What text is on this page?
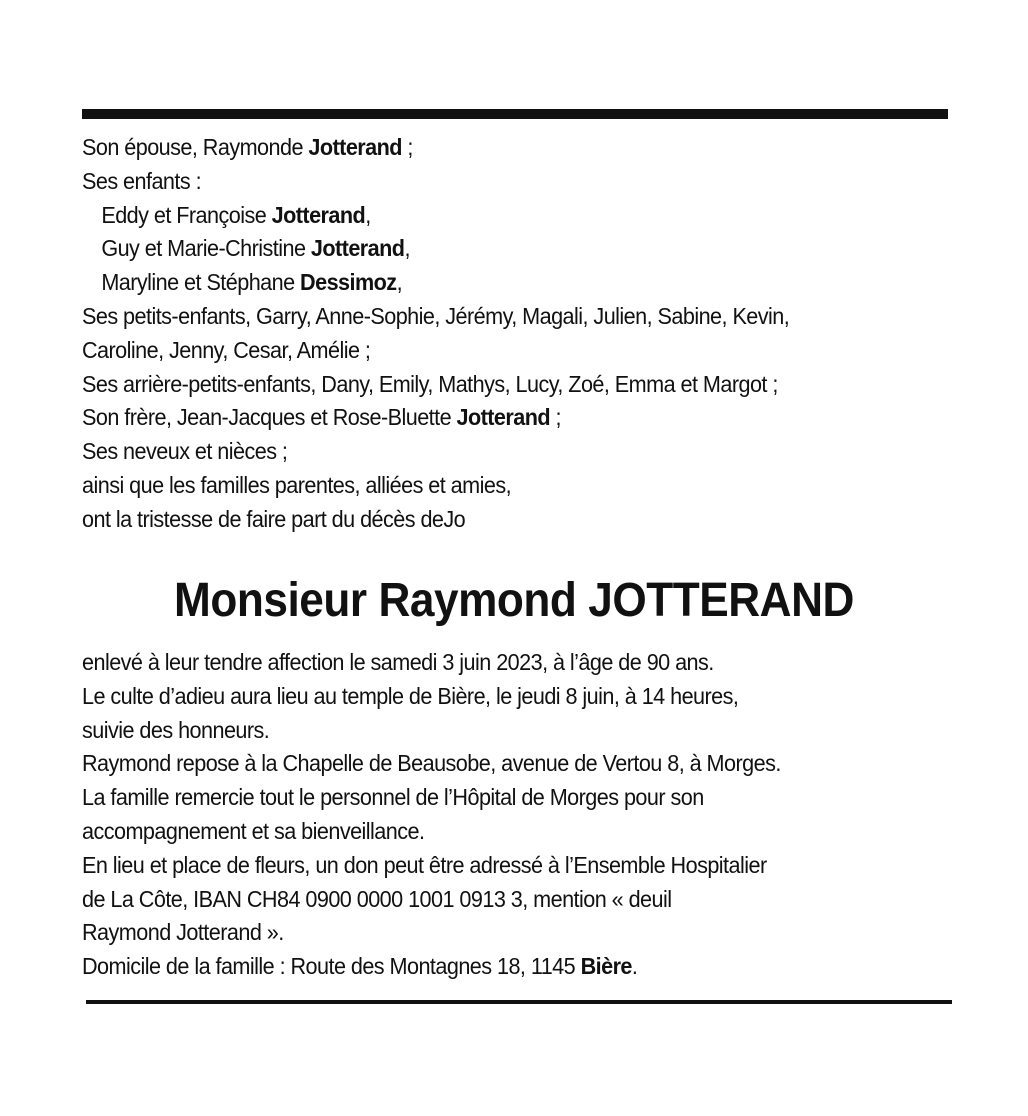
Son épouse, Raymonde Jotterand ;
Ses enfants :
Eddy et Françoise Jotterand,
Guy et Marie-Christine Jotterand,
Maryline et Stéphane Dessimoz,
Ses petits-enfants, Garry, Anne-Sophie, Jérémy, Magali, Julien, Sabine, Kevin,
Caroline, Jenny, Cesar, Amélie ;
Ses arrière-petits-enfants, Dany, Emily, Mathys, Lucy, Zoé, Emma et Margot ;
Son frère, Jean-Jacques et Rose-Bluette Jotterand ;
Ses neveux et nièces ;
ainsi que les familles parentes, alliées et amies,
ont la tristesse de faire part du décès deJo
Monsieur Raymond JOTTERAND
enlevé à leur tendre affection le samedi 3 juin 2023, à l’âge de 90 ans.
Le culte d’adieu aura lieu au temple de Bière, le jeudi 8 juin, à 14 heures,
suivie des honneurs.
Raymond repose à la Chapelle de Beausobe, avenue de Vertou 8, à Morges.
La famille remercie tout le personnel de l’Hôpital de Morges pour son
accompagnement et sa bienveillance.
En lieu et place de fleurs, un don peut être adressé à l’Ensemble Hospitalier
de La Côte, IBAN CH84 0900 0000 1001 0913 3, mention « deuil
Raymond Jotterand ».
Domicile de la famille : Route des Montagnes 18, 1145 Bière.
